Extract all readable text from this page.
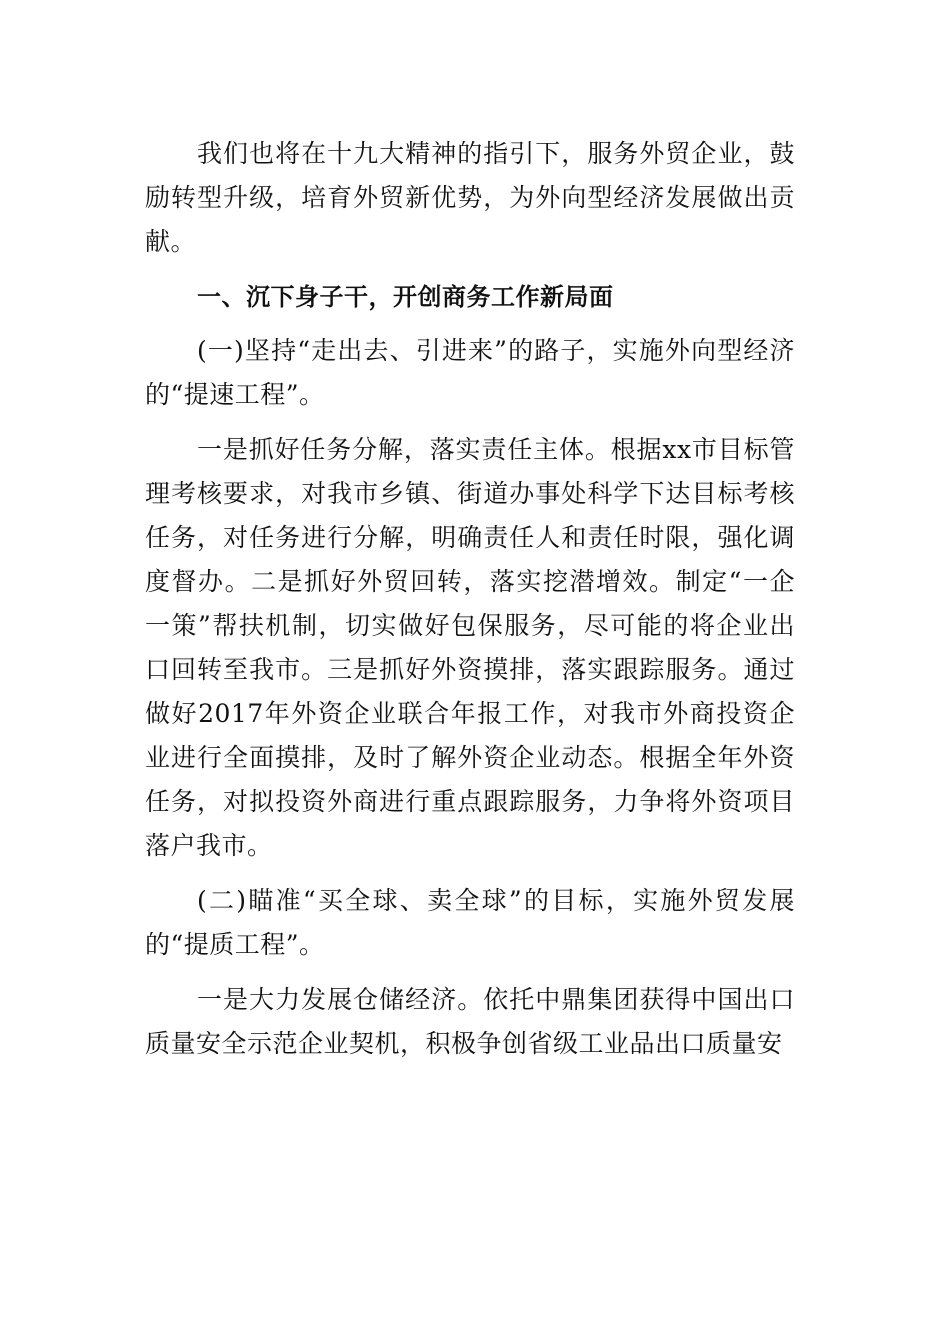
我们也将在十九大精神的指引下，服务外贸企业，鼓励转型升级，培育外贸新优势，为外向型经济发展做出贡献。

一、沉下身子干，开创商务工作新局面

(一)坚持“走出去、引进来”的路子，实施外向型经济的“提速工程”。

一是抓好任务分解，落实责任主体。根据xx市目标管理考核要求，对我市乡镇、街道办事处科学下达目标考核任务，对任务进行分解，明确责任人和责任时限，强化调度督办。二是抓好外贸回转，落实挖潜增效。制定“一企一策”帮扶机制，切实做好包保服务，尽可能的将企业出口回转至我市。三是抓好外资摸排，落实跟踪服务。通过做好2017年外资企业联合年报工作，对我市外商投资企业进行全面摸排，及时了解外资企业动态。根据全年外资任务，对拟投资外商进行重点跟踪服务，力争将外资项目落户我市。

(二)瞄准“买全球、卖全球”的目标，实施外贸发展的“提质工程”。

一是大力发展仓储经济。依托中鼎集团获得中国出口质量安全示范企业契机，积极争创省级工业品出口质量安
